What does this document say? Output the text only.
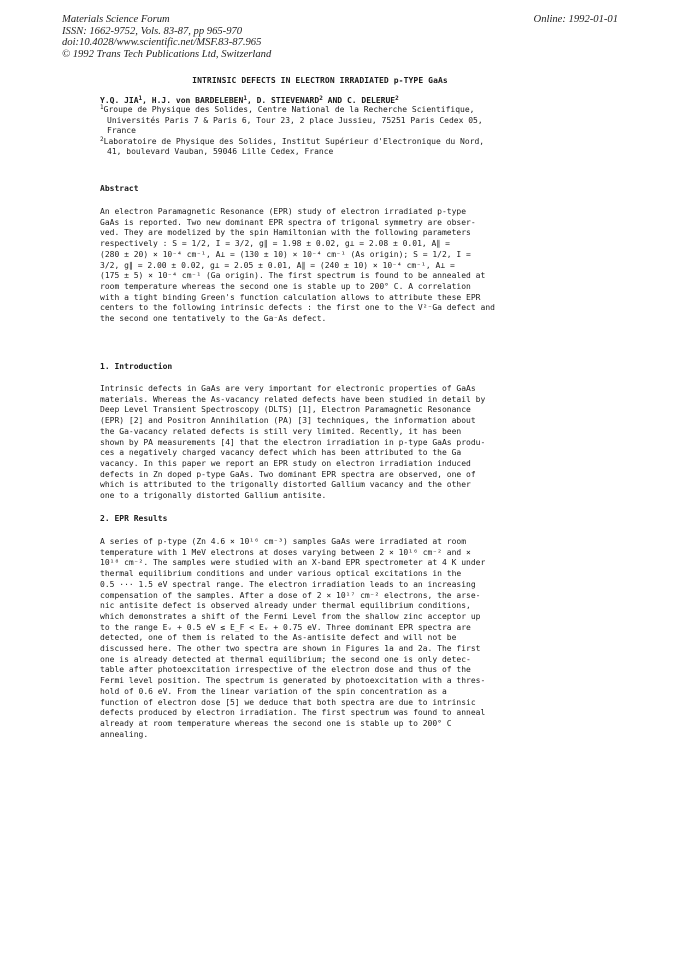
Materials Science Forum	Online: 1992-01-01
ISSN: 1662-9752, Vols. 83-87, pp 965-970
doi:10.4028/www.scientific.net/MSF.83-87.965
© 1992 Trans Tech Publications Ltd, Switzerland
INTRINSIC DEFECTS IN ELECTRON IRRADIATED p-TYPE GaAs
Y.Q. JIA$^1$, H.J. von BARDELEBEN$^1$, D. STIEVENARD$^2$ AND C. DELERUE$^2$

$^1$Groupe de Physique des Solides, Centre National de la Recherche Scientifique,

Universités Paris 7 & Paris 6, Tour 23, 2 place Jussieu, 75251 Paris Cedex 05,

France

$^2$Laboratoire de Physique des Solides, Institut Supérieur d'Electronique du Nord,

41, boulevard Vauban, 59046 Lille Cedex, France

Abstract
An electron Paramagnetic Resonance (EPR) study of electron irradiated p-type
GaAs is reported. Two new dominant EPR spectra of trigonal symmetry are obser-
ved. They are modelized by the spin Hamiltonian with the following parameters
respectively : S = 1/2, I = 3/2, g∥ = 1.98 ± 0.02, g⊥ = 2.08 ± 0.01, A∥ =
(280 ± 20) × 10⁻⁴ cm⁻¹, A⊥ = (130 ± 10) × 10⁻⁴ cm⁻¹ (As origin); S = 1/2, I =
3/2, g∥ = 2.00 ± 0.02, g⊥ = 2.05 ± 0.01, A∥ = (240 ± 10) × 10⁻⁴ cm⁻¹, A⊥ =
(175 ± 5) × 10⁻⁴ cm⁻¹ (Ga origin). The first spectrum is found to be annealed at
room temperature whereas the second one is stable up to 200° C. A correlation
with a tight binding Green's function calculation allows to attribute these EPR
centers to the following intrinsic defects : the first one to the V²⁻Ga defect and
the second one tentatively to the Ga⁻As defect.
1. Introduction
Intrinsic defects in GaAs are very important for electronic properties of GaAs
materials. Whereas the As-vacancy related defects have been studied in detail by
Deep Level Transient Spectroscopy (DLTS) [1], Electron Paramagnetic Resonance
(EPR) [2] and Positron Annihilation (PA) [3] techniques, the information about
the Ga-vacancy related defects is still very limited. Recently, it has been
shown by PA measurements [4] that the electron irradiation in p-type GaAs produ-
ces a negatively charged vacancy defect which has been attributed to the Ga
vacancy. In this paper we report an EPR study on electron irradiation induced
defects in Zn doped p-type GaAs. Two dominant EPR spectra are observed, one of
which is attributed to the trigonally distorted Gallium vacancy and the other
one to a trigonally distorted Gallium antisite.
2. EPR Results
A series of p-type (Zn 4.6 × 10¹⁶ cm⁻³) samples GaAs were irradiated at room
temperature with 1 MeV electrons at doses varying between 2 × 10¹⁶ cm⁻² and ×
10¹⁸ cm⁻². The samples were studied with an X-band EPR spectrometer at 4 K under
thermal equilibrium conditions and under various optical excitations in the
0.5 ··· 1.5 eV spectral range. The electron irradiation leads to an increasing
compensation of the samples. After a dose of 2 × 10¹⁷ cm⁻² electrons, the arse-
nic antisite defect is observed already under thermal equilibrium conditions,
which demonstrates a shift of the Fermi Level from the shallow zinc acceptor up
to the range Eᵥ + 0.5 eV ≤ E_F < Eᵥ + 0.75 eV. Three dominant EPR spectra are
detected, one of them is related to the As-antisite defect and will not be
discussed here. The other two spectra are shown in Figures 1a and 2a. The first
one is already detected at thermal equilibrium; the second one is only detec-
table after photoexcitation irrespective of the electron dose and thus of the
Fermi level position. The spectrum is generated by photoexcitation with a thres-
hold of 0.6 eV. From the linear variation of the spin concentration as a
function of electron dose [5] we deduce that both spectra are due to intrinsic
defects produced by electron irradiation. The first spectrum was found to anneal
already at room temperature whereas the second one is stable up to 200° C
annealing.
